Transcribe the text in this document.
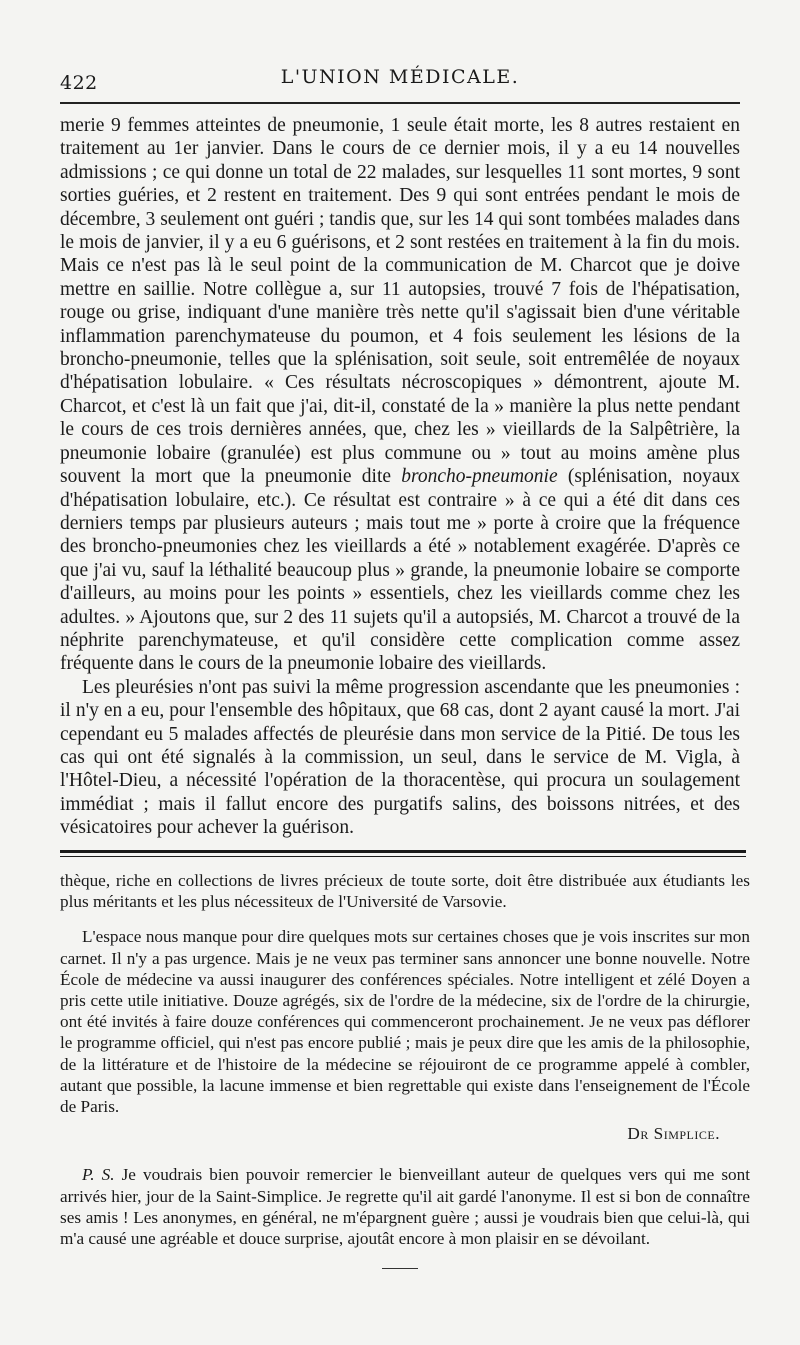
422	L'UNION MÉDICALE.

merie 9 femmes atteintes de pneumonie, 1 seule était morte, les 8 autres restaient en traitement au 1er janvier. Dans le cours de ce dernier mois, il y a eu 14 nouvelles admissions ; ce qui donne un total de 22 malades, sur lesquelles 11 sont mortes, 9 sont sorties guéries, et 2 restent en traitement. Des 9 qui sont entrées pendant le mois de décembre, 3 seulement ont guéri ; tandis que, sur les 14 qui sont tombées malades dans le mois de janvier, il y a eu 6 guérisons, et 2 sont restées en traitement à la fin du mois. Mais ce n'est pas là le seul point de la communication de M. Charcot que je doive mettre en saillie. Notre collègue a, sur 11 autopsies, trouvé 7 fois de l'hépatisation, rouge ou grise, indiquant d'une manière très nette qu'il s'agissait bien d'une véritable inflammation parenchymateuse du poumon, et 4 fois seulement les lésions de la broncho-pneumonie, telles que la splénisation, soit seule, soit entremêlée de noyaux d'hépatisation lobulaire. « Ces résultats nécroscopiques » démontrent, ajoute M. Charcot, et c'est là un fait que j'ai, dit-il, constaté de la » manière la plus nette pendant le cours de ces trois dernières années, que, chez les » vieillards de la Salpêtrière, la pneumonie lobaire (granulée) est plus commune ou » tout au moins amène plus souvent la mort que la pneumonie dite broncho-pneumonie (splénisation, noyaux d'hépatisation lobulaire, etc.). Ce résultat est contraire » à ce qui a été dit dans ces derniers temps par plusieurs auteurs ; mais tout me » porte à croire que la fréquence des broncho-pneumonies chez les vieillards a été » notablement exagérée. D'après ce que j'ai vu, sauf la léthalité beaucoup plus » grande, la pneumonie lobaire se comporte d'ailleurs, au moins pour les points » essentiels, chez les vieillards comme chez les adultes. » Ajoutons que, sur 2 des 11 sujets qu'il a autopsiés, M. Charcot a trouvé de la néphrite parenchymateuse, et qu'il considère cette complication comme assez fréquente dans le cours de la pneumonie lobaire des vieillards.

Les pleurésies n'ont pas suivi la même progression ascendante que les pneumonies : il n'y en a eu, pour l'ensemble des hôpitaux, que 68 cas, dont 2 ayant causé la mort. J'ai cependant eu 5 malades affectés de pleurésie dans mon service de la Pitié. De tous les cas qui ont été signalés à la commission, un seul, dans le service de M. Vigla, à l'Hôtel-Dieu, a nécessité l'opération de la thoracentèse, qui procura un soulagement immédiat ; mais il fallut encore des purgatifs salins, des boissons nitrées, et des vésicatoires pour achever la guérison.

thèque, riche en collections de livres précieux de toute sorte, doit être distribuée aux étudiants les plus méritants et les plus nécessiteux de l'Université de Varsovie.

L'espace nous manque pour dire quelques mots sur certaines choses que je vois inscrites sur mon carnet. Il n'y a pas urgence. Mais je ne veux pas terminer sans annoncer une bonne nouvelle. Notre École de médecine va aussi inaugurer des conférences spéciales. Notre intelligent et zélé Doyen a pris cette utile initiative. Douze agrégés, six de l'ordre de la médecine, six de l'ordre de la chirurgie, ont été invités à faire douze conférences qui commenceront prochainement. Je ne veux pas déflorer le programme officiel, qui n'est pas encore publié ; mais je peux dire que les amis de la philosophie, de la littérature et de l'histoire de la médecine se réjouiront de ce programme appelé à combler, autant que possible, la lacune immense et bien regrettable qui existe dans l'enseignement de l'École de Paris.

Dr Simplice.

P. S. Je voudrais bien pouvoir remercier le bienveillant auteur de quelques vers qui me sont arrivés hier, jour de la Saint-Simplice. Je regrette qu'il ait gardé l'anonyme. Il est si bon de connaître ses amis ! Les anonymes, en général, ne m'épargnent guère ; aussi je voudrais bien que celui-là, qui m'a causé une agréable et douce surprise, ajoutât encore à mon plaisir en se dévoilant.
